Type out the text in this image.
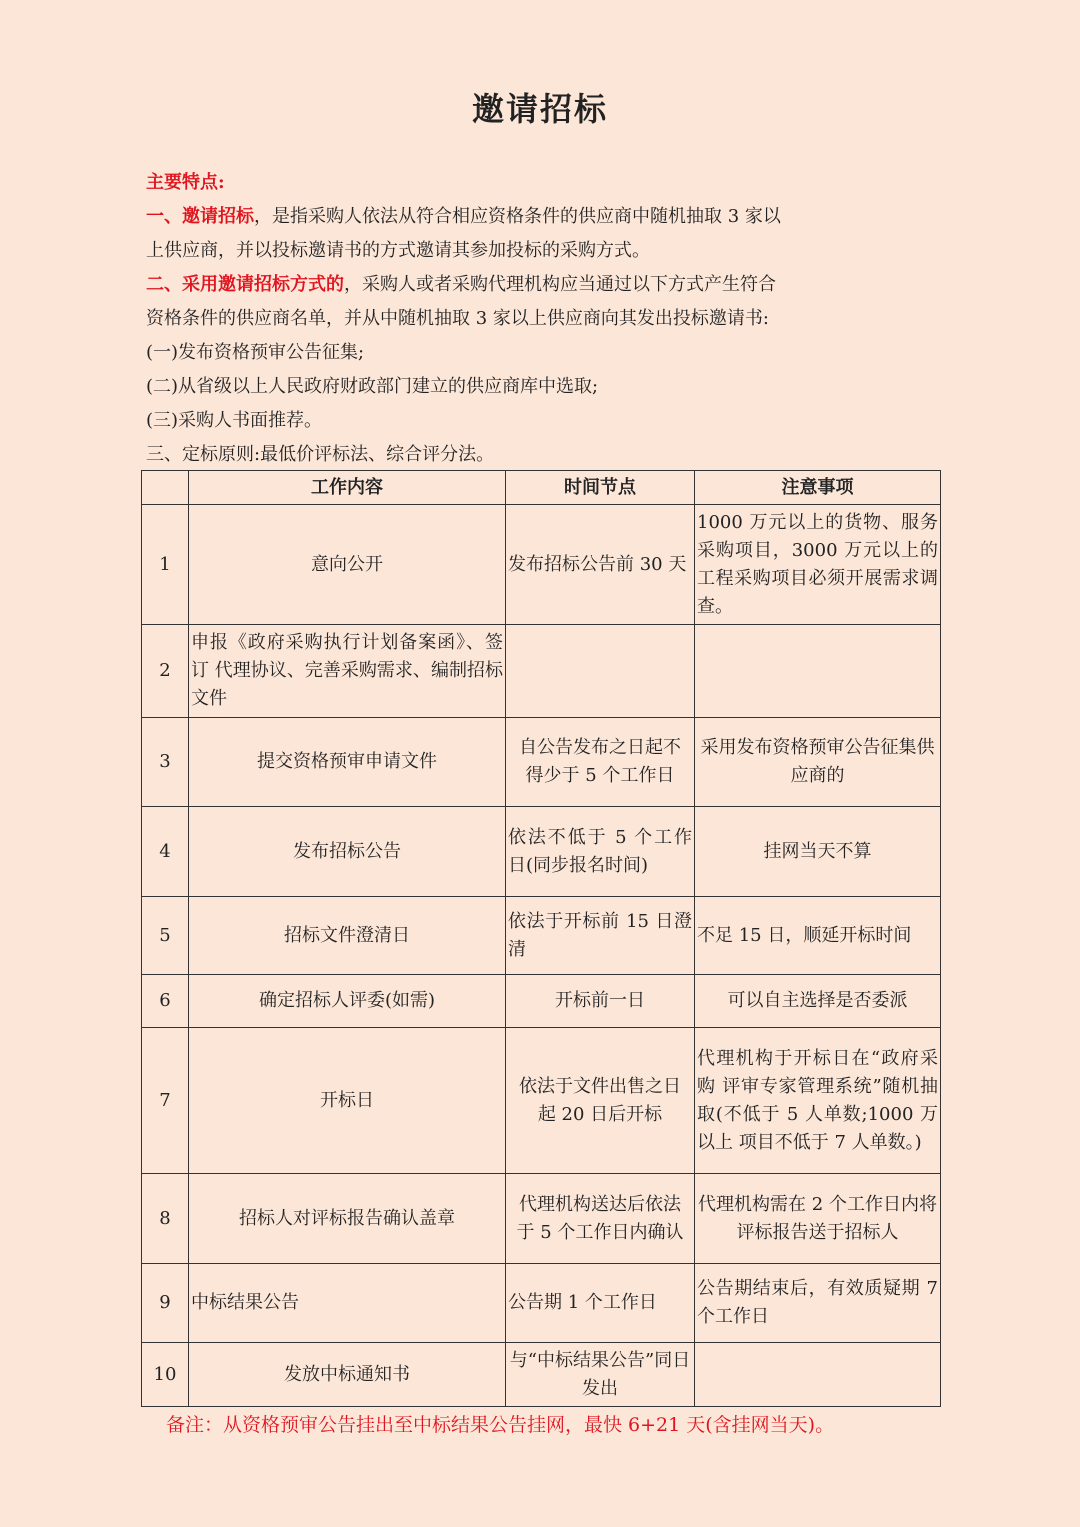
邀请招标

主要特点:

一、邀请招标，是指采购人依法从符合相应资格条件的供应商中随机抽取 3 家以

上供应商，并以投标邀请书的方式邀请其参加投标的采购方式。

二、采用邀请招标方式的，采购人或者采购代理机构应当通过以下方式产生符合

资格条件的供应商名单，并从中随机抽取 3 家以上供应商向其发出投标邀请书:

(一)发布资格预审公告征集;

(二)从省级以上人民政府财政部门建立的供应商库中选取;

(三)采购人书面推荐。

三、定标原则:最低价评标法、综合评分法。

	工作内容	时间节点	注意事项
1	意向公开	发布招标公告前 30 天	1000 万元以上的货物、服务采购项目，3000 万元以上的工程采购项目必须开展需求调查。
2	申报《政府采购执行计划备案函》、签订 代理协议、完善采购需求、编制招标文件		
3	提交资格预审申请文件	自公告发布之日起不 得少于 5 个工作日	采用发布资格预审公告征集供 应商的
4	发布招标公告	依法不低于 5 个工作日(同步报名时间)	挂网当天不算
5	招标文件澄清日	依法于开标前 15 日澄清	不足 15 日，顺延开标时间
6	确定招标人评委(如需)	开标前一日	可以自主选择是否委派
7	开标日	依法于文件出售之日 起 20 日后开标	代理机构于开标日在“政府采购 评审专家管理系统”随机抽取(不低于 5 人单数;1000 万以上 项目不低于 7 人单数。)
8	招标人对评标报告确认盖章	代理机构送达后依法 于 5 个工作日内确认	代理机构需在 2 个工作日内将 评标报告送于招标人
9	中标结果公告	公告期 1 个工作日	公告期结束后，有效质疑期 7 个工作日
10	发放中标通知书	与“中标结果公告”同日 发出	
备注：从资格预审公告挂出至中标结果公告挂网，最快 6+21 天(含挂网当天)。
